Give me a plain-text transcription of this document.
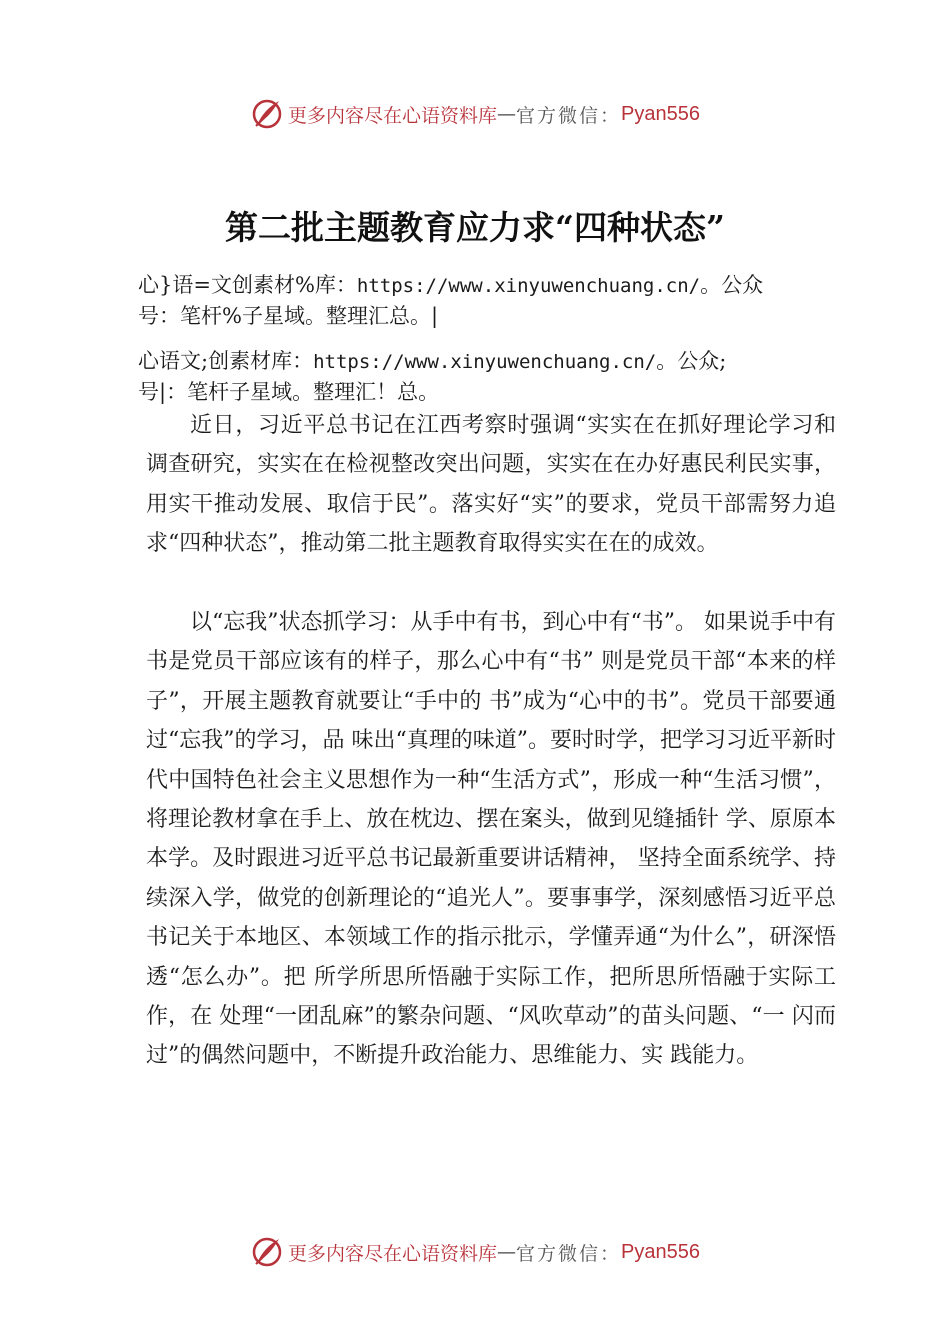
更多内容尽在心语资料库 — 官方微信： Pyan556
第二批主题教育应力求“四种状态”
心}语=文创素材%库：https://www.xinyuwenchuang.cn/。公众
号：笔杆%子星域。整理汇总。|
心语文;创素材库：https://www.xinyuwenchuang.cn/。公众;
号|：笔杆子星域。整理汇！总。

近日，习近平总书记在江西考察时强调“实实在在抓好理论学习和调查研究，实实在在检视整改突出问题，实实在在办好惠民利民实事，用实干推动发展、取信于民”。落实好“实”的要求，党员干部需努力追求“四种状态”，推动第二批主题教育取得实实在在的成效。

以“忘我”状态抓学习：从手中有书，到心中有“书”。 如果说手中有书是党员干部应该有的样子，那么心中有“书” 则是党员干部“本来的样子”，开展主题教育就要让“手中的 书”成为“心中的书”。党员干部要通过“忘我”的学习，品 味出“真理的味道”。要时时学，把学习习近平新时代中国特色社会主义思想作为一种“生活方式”，形成一种“生活习惯”，将理论教材拿在手上、放在枕边、摆在案头，做到见缝插针 学、原原本本学。及时跟进习近平总书记最新重要讲话精神， 坚持全面系统学、持续深入学，做党的创新理论的“追光人”。要事事学，深刻感悟习近平总书记关于本地区、本领域工作的指示批示，学懂弄通“为什么”，研深悟透“怎么办”。把 所学所思所悟融于实际工作，把所思所悟融于实际工作，在 处理“一团乱麻”的繁杂问题、“风吹草动”的苗头问题、“一 闪而过”的偶然问题中，不断提升政治能力、思维能力、实 践能力。

更多内容尽在心语资料库 — 官方微信： Pyan556
